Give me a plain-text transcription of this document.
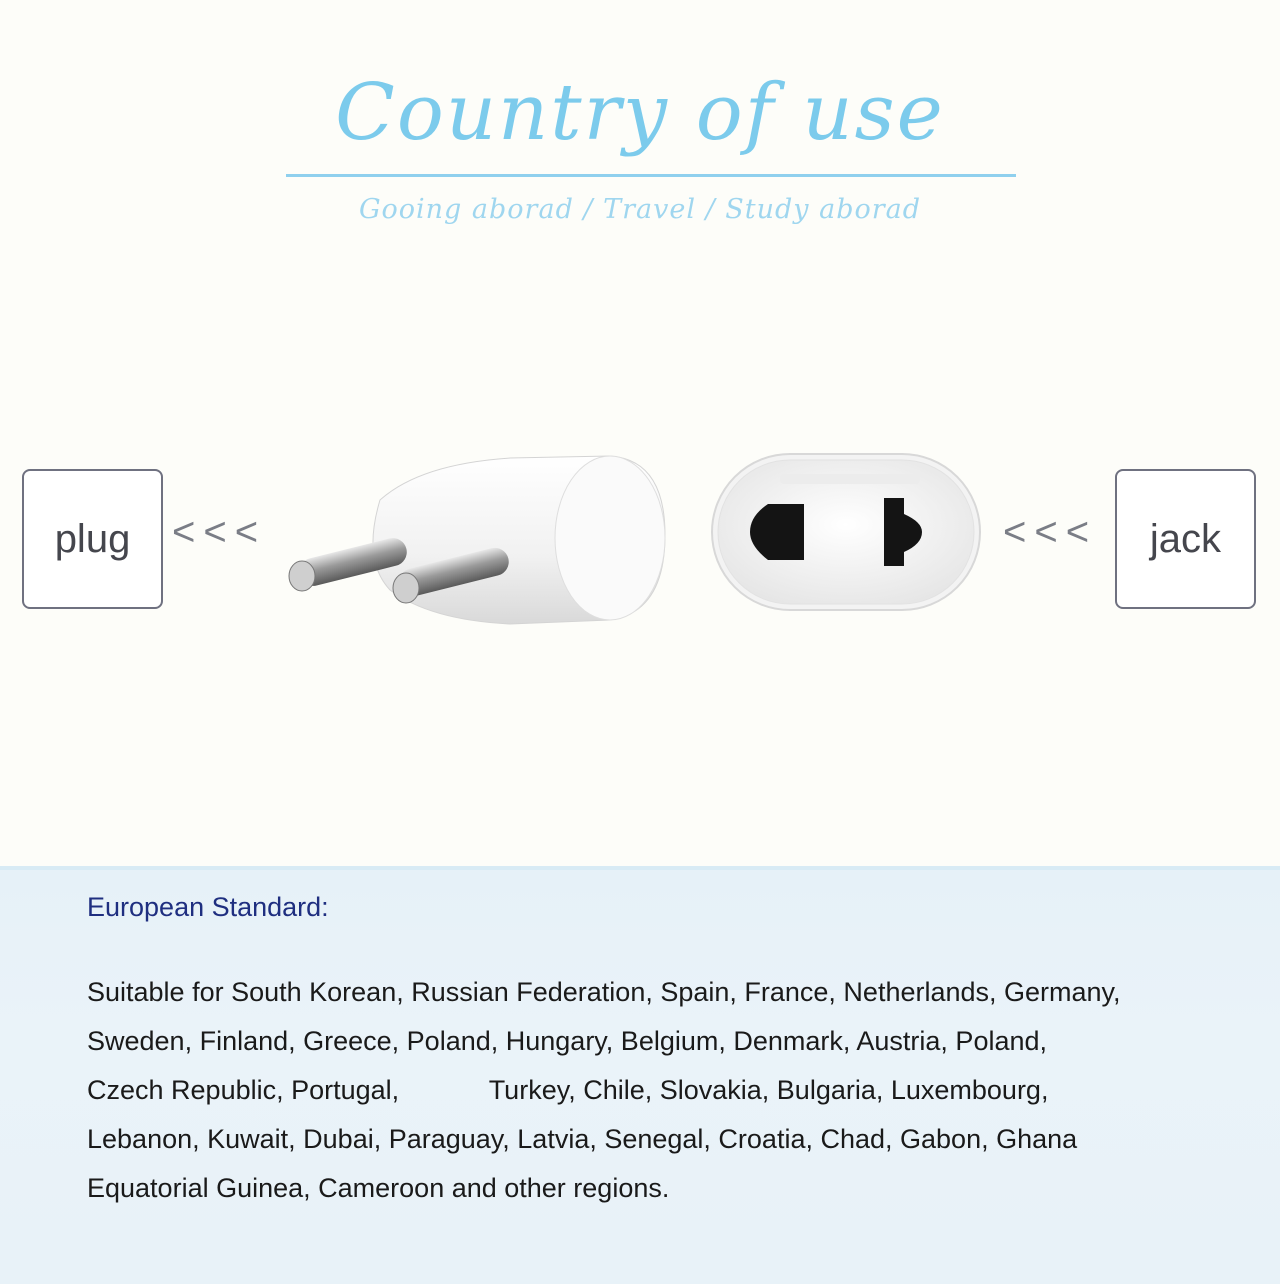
Country of use
Gooing aborad / Travel / Study aborad
plug <<<	<<< jack
European Standard:
Suitable for South Korean, Russian Federation, Spain, France, Netherlands, Germany,
Sweden, Finland, Greece, Poland, Hungary, Belgium, Denmark, Austria, Poland,
Czech Republic, Portugal,            Turkey, Chile, Slovakia, Bulgaria, Luxembourg,
Lebanon, Kuwait, Dubai, Paraguay, Latvia, Senegal, Croatia, Chad, Gabon, Ghana
Equatorial Guinea, Cameroon and other regions.
